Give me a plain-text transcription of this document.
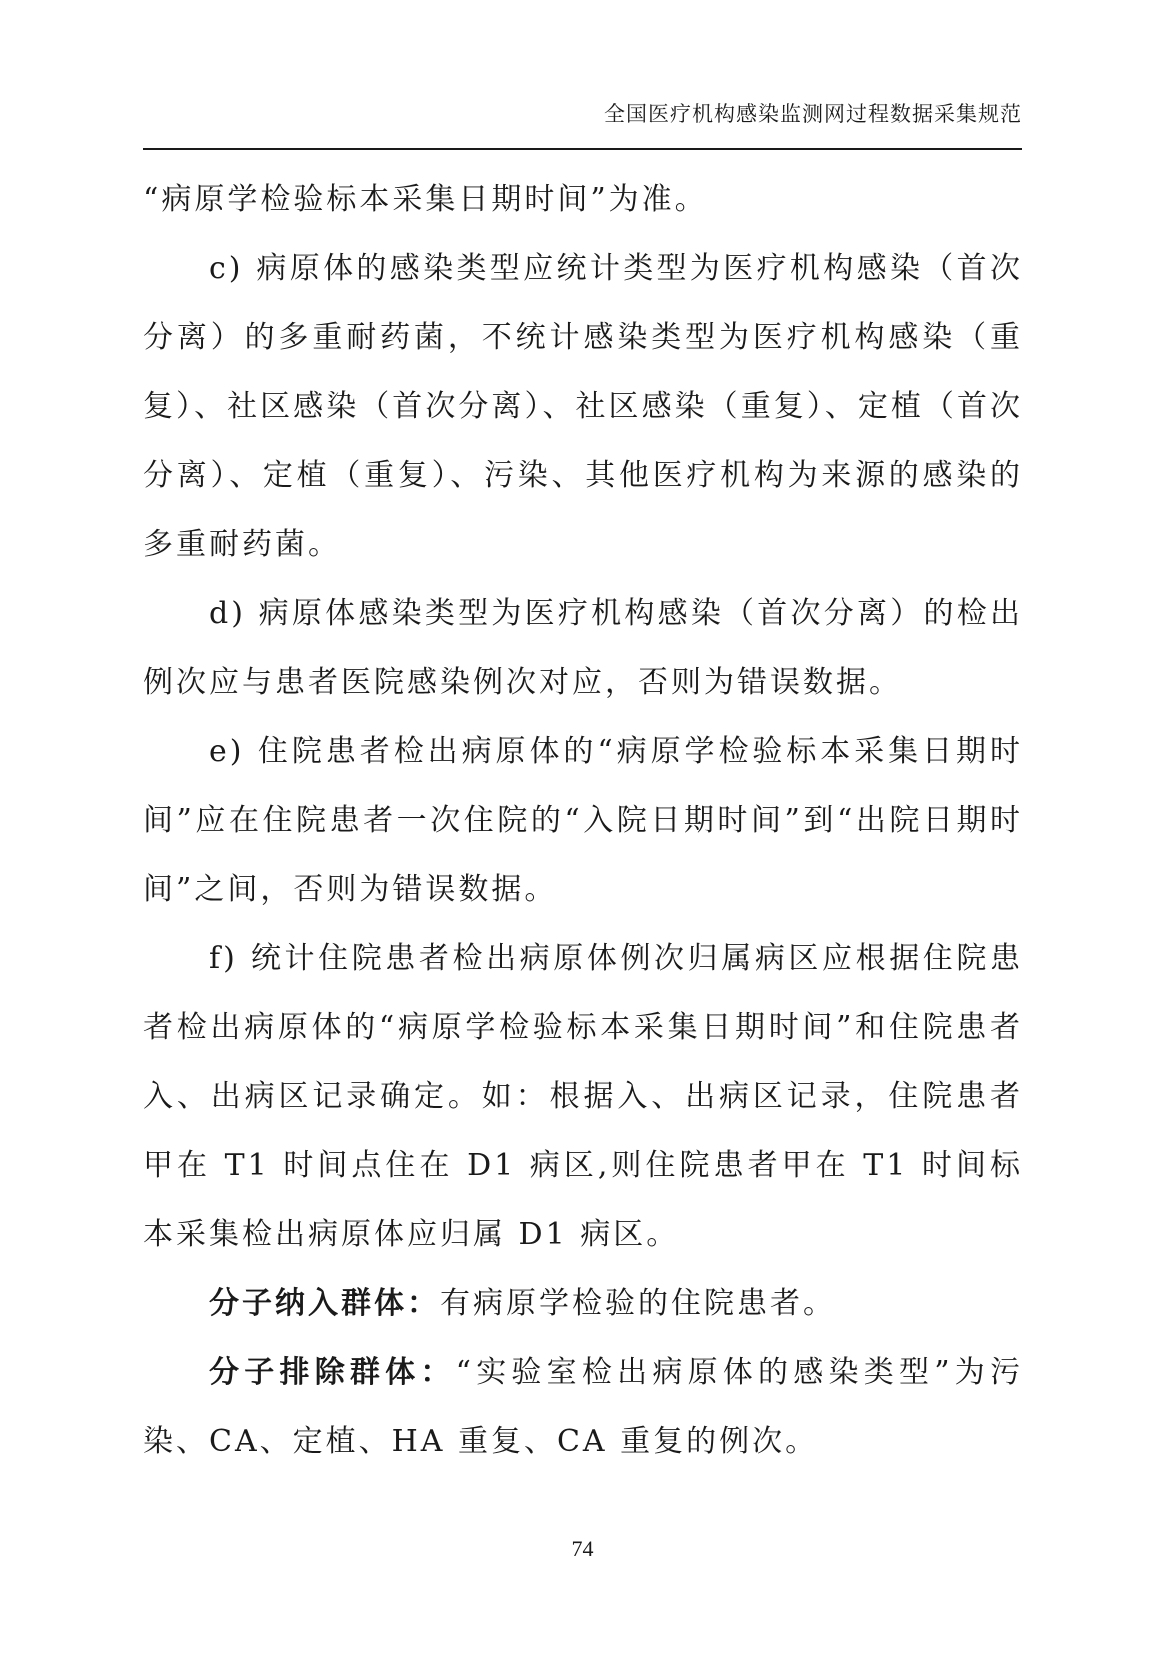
全国医疗机构感染监测网过程数据采集规范

“病原学检验标本采集日期时间”为准。

c) 病原体的感染类型应统计类型为医疗机构感染（首次分离）的多重耐药菌，不统计感染类型为医疗机构感染（重复）、社区感染（首次分离）、社区感染（重复）、定植（首次分离）、定植（重复）、污染、其他医疗机构为来源的感染的多重耐药菌。

d) 病原体感染类型为医疗机构感染（首次分离）的检出例次应与患者医院感染例次对应，否则为错误数据。

e) 住院患者检出病原体的“病原学检验标本采集日期时间”应在住院患者一次住院的“入院日期时间”到“出院日期时间”之间，否则为错误数据。

f) 统计住院患者检出病原体例次归属病区应根据住院患者检出病原体的“病原学检验标本采集日期时间”和住院患者入、出病区记录确定。如：根据入、出病区记录，住院患者甲在 T1 时间点住在 D1 病区,则住院患者甲在 T1 时间标本采集检出病原体应归属 D1 病区。

分子纳入群体：有病原学检验的住院患者。

分子排除群体：“实验室检出病原体的感染类型”为污染、CA、定植、HA 重复、CA 重复的例次。

74
